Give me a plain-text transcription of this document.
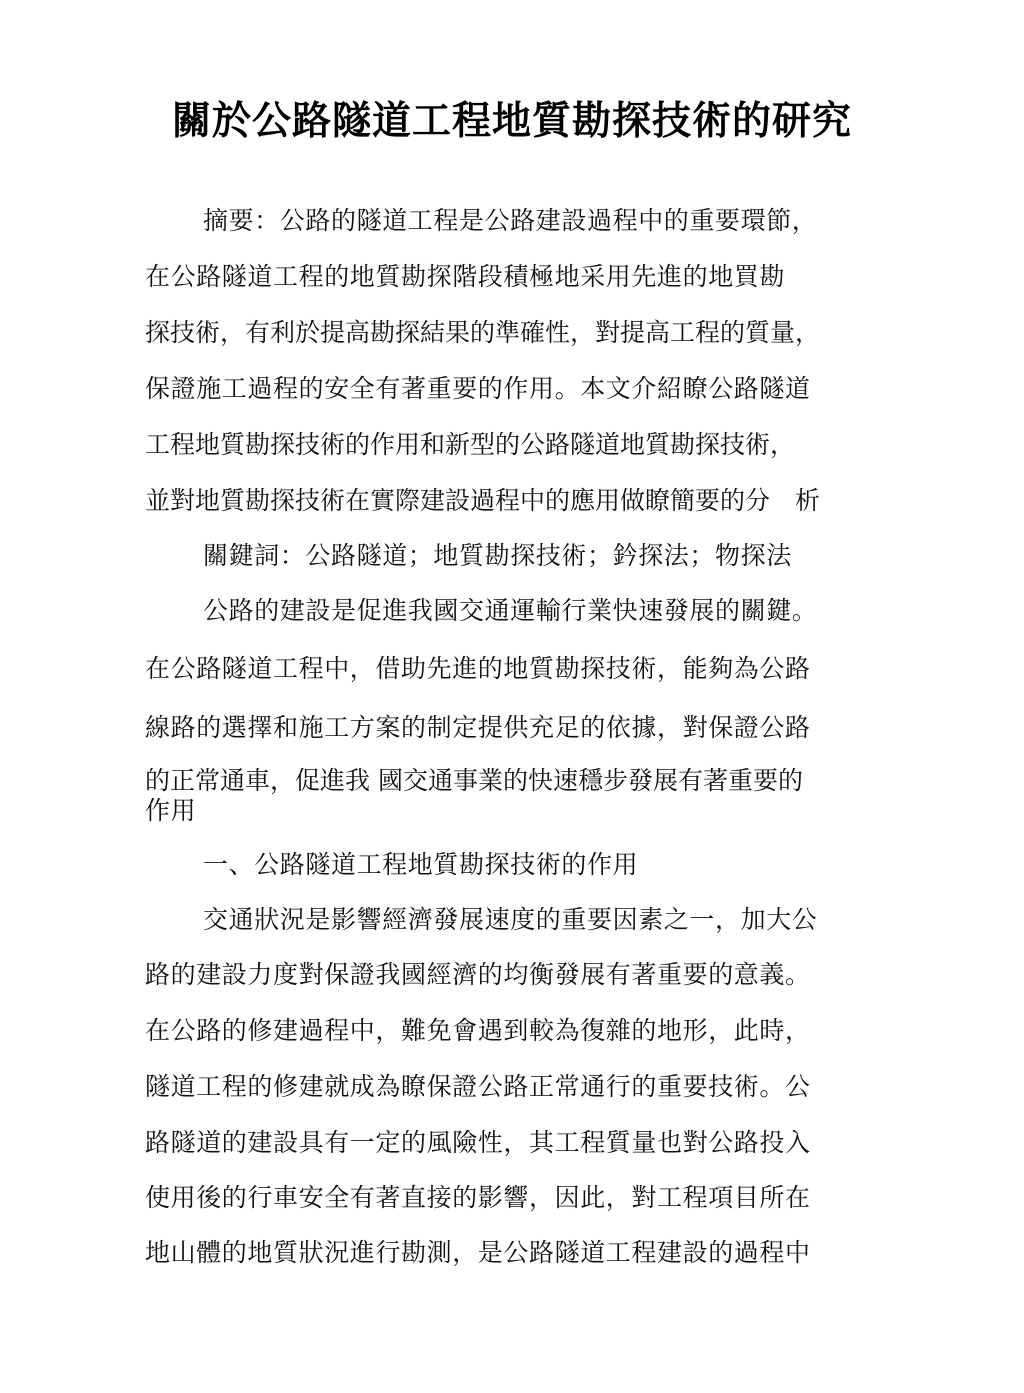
關於公路隧道工程地質勘探技術的研究
摘要：公路的隧道工程是公路建設過程中的重要環節，
在公路隧道工程的地質勘探階段積極地采用先進的地買勘
探技術，有利於提高勘探結果的準確性，對提高工程的質量，
保證施工過程的安全有著重要的作用。本文介紹瞭公路隧道
工程地質勘探技術的作用和新型的公路隧道地質勘探技術，
並對地質勘探技術在實際建設過程中的應用做瞭簡要的分　析
關鍵詞：公路隧道；地質勘探技術；鈐探法；物探法
公路的建設是促進我國交通運輸行業快速發展的關鍵。
在公路隧道工程中，借助先進的地質勘探技術，能夠為公路
線路的選擇和施工方案的制定提供充足的依據，對保證公路
的正常通車，促進我 國交通事業的快速穩步發展有著重要的
作用
一、公路隧道工程地質勘探技術的作用
交通狀況是影響經濟發展速度的重要因素之一，加大公
路的建設力度對保證我國經濟的均衡發展有著重要的意義。
在公路的修建過程中，難免會遇到較為復雜的地形，此時，
隧道工程的修建就成為瞭保證公路正常通行的重要技術。公
路隧道的建設具有一定的風險性，其工程質量也對公路投入
使用後的行車安全有著直接的影響，因此，對工程項目所在
地山體的地質狀況進行勘測，是公路隧道工程建設的過程中
